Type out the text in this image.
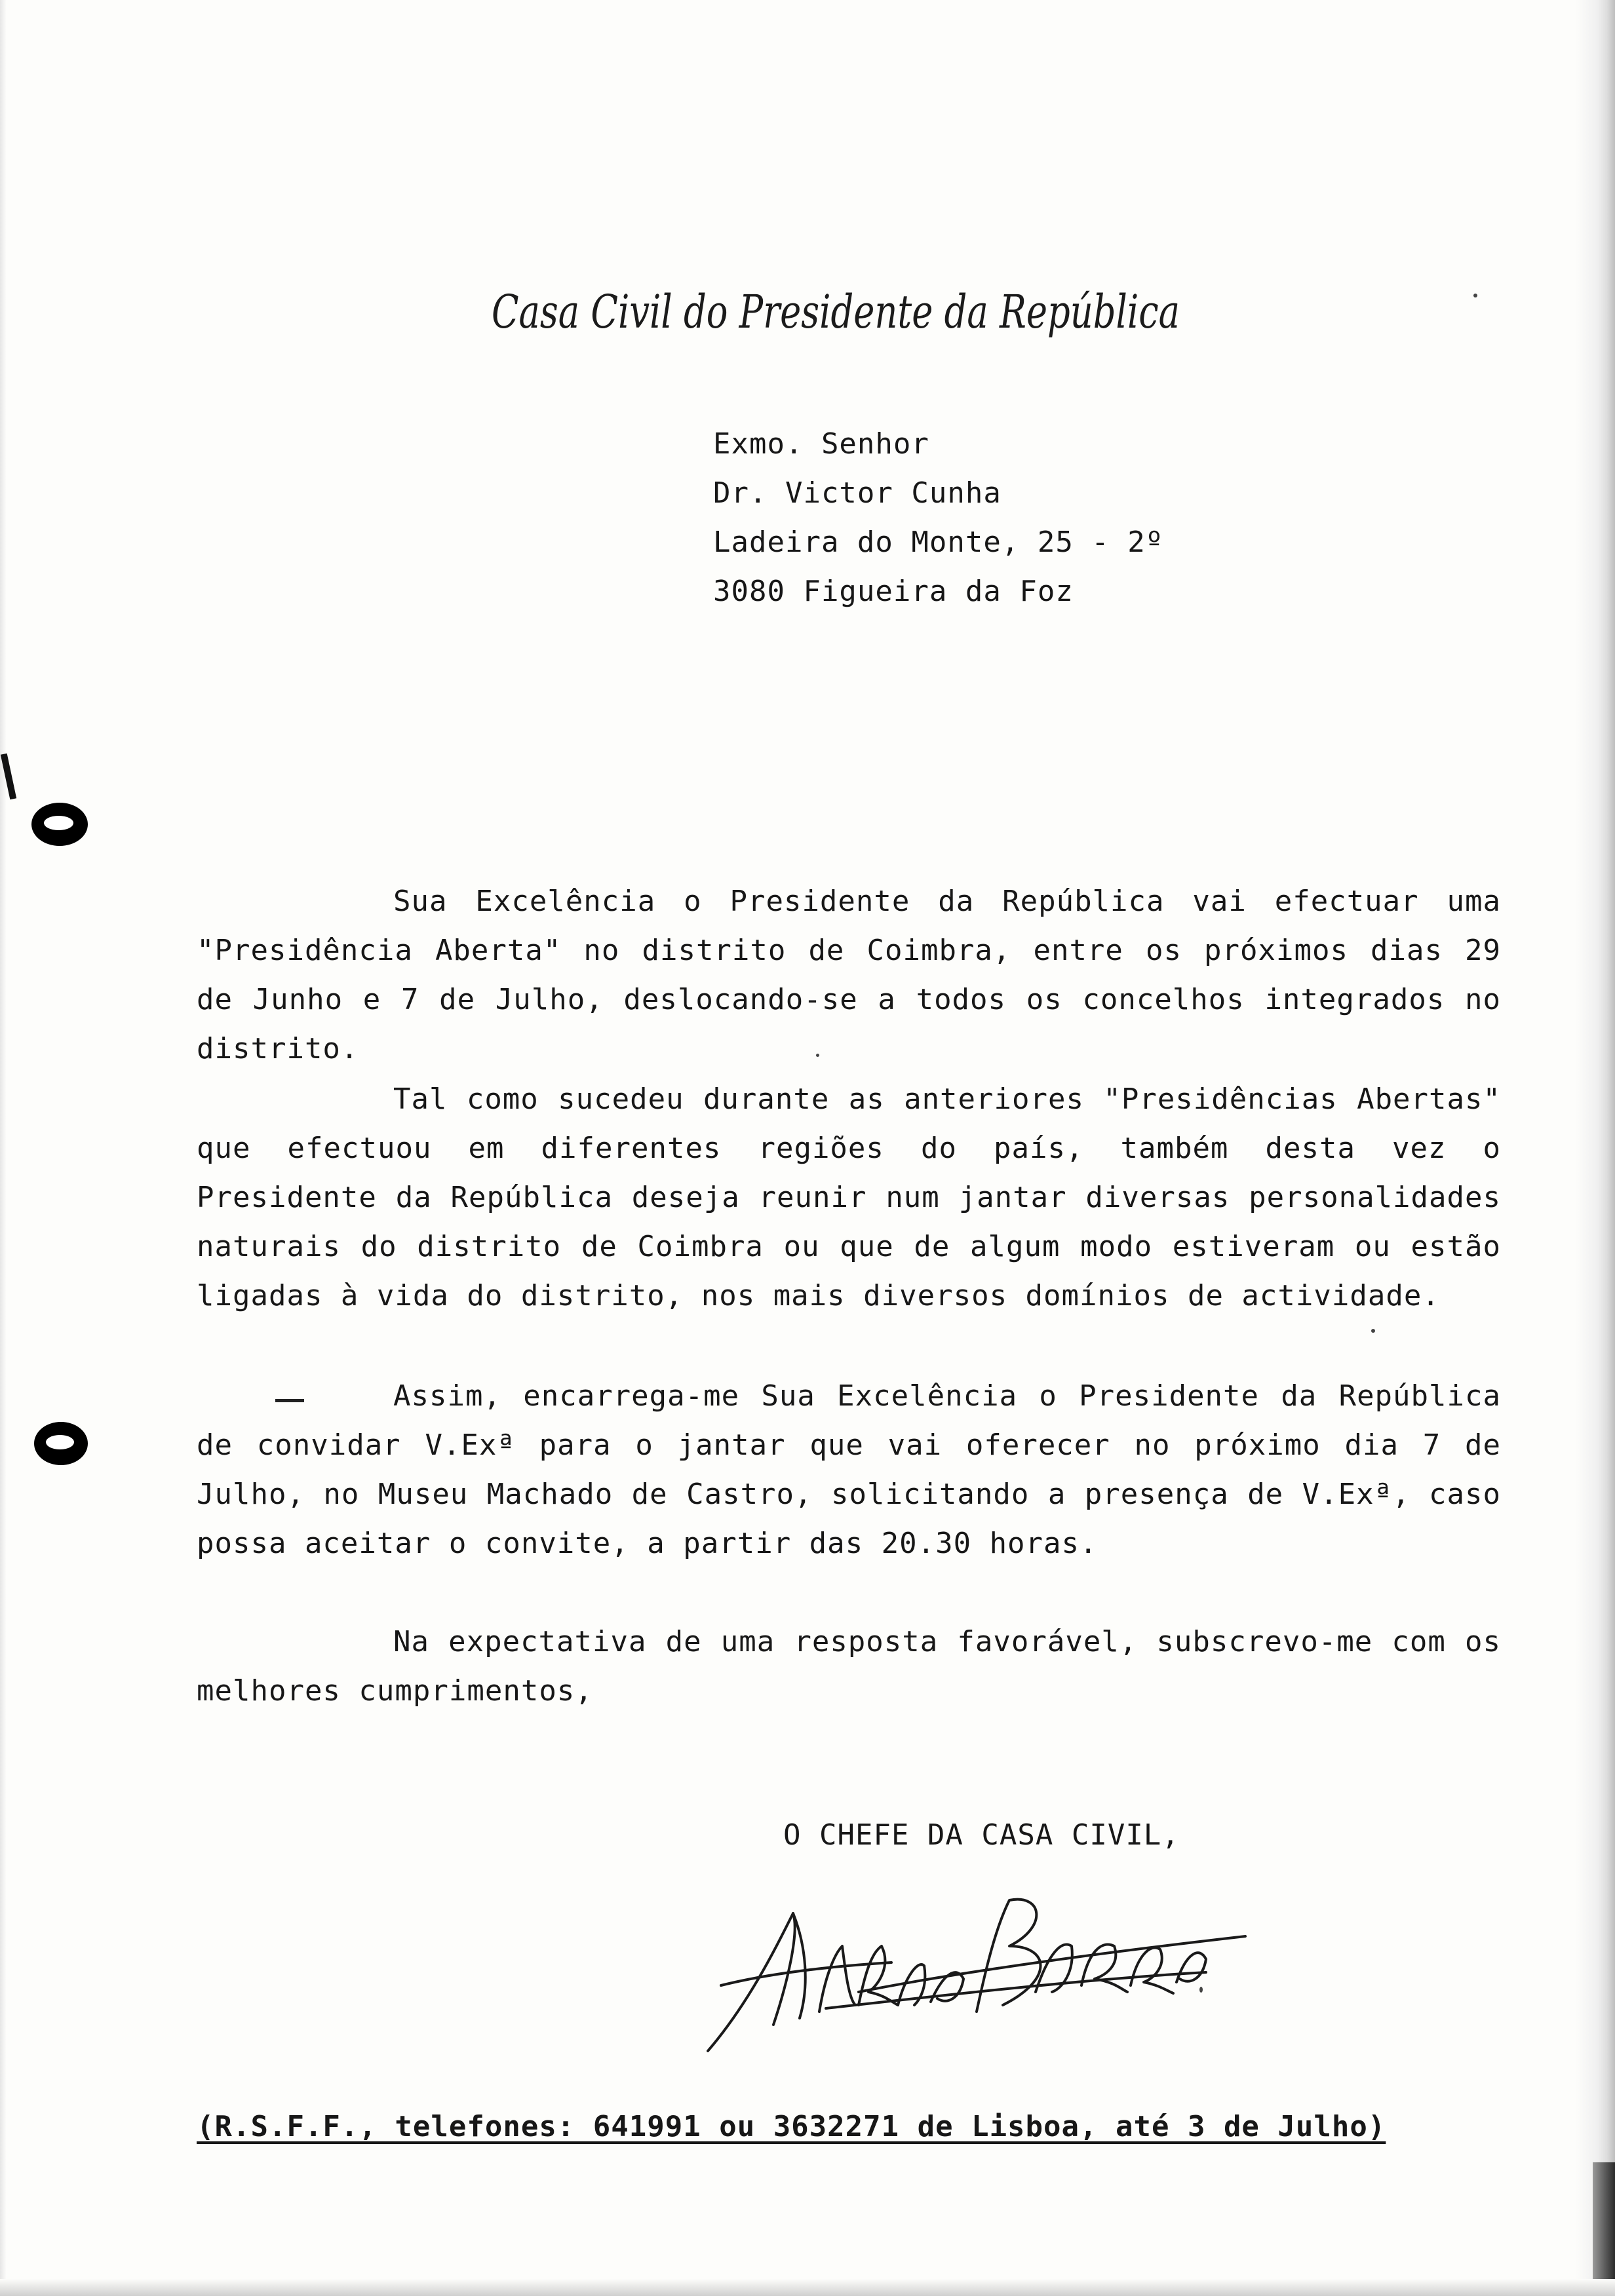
Casa Civil do Presidente da República
Exmo. Senhor
Dr. Victor Cunha
Ladeira do Monte, 25 - 2º
3080 Figueira da Foz
Sua Excelência o Presidente da República vai efectuar uma "Presidência Aberta" no distrito de Coimbra, entre os próximos dias 29 de Junho e 7 de Julho, deslocando-se a todos os concelhos integrados no distrito.
Tal como sucedeu durante as anteriores "Presidências Abertas" que efectuou em diferentes regiões do país, também desta vez o Presidente da República deseja reunir num jantar diversas personalidades naturais do distrito de Coimbra ou que de algum modo estiveram ou estão ligadas à vida do distrito, nos mais diversos domínios de actividade.
Assim, encarrega-me Sua Excelência o Presidente da República de convidar V.Exª para o jantar que vai oferecer no próximo dia 7 de Julho, no Museu Machado de Castro, solicitando a presença de V.Exª, caso possa aceitar o convite, a partir das 20.30 horas.
Na expectativa de uma resposta favorável, subscrevo-me com os melhores cumprimentos,
O CHEFE DA CASA CIVIL,
(R.S.F.F., telefones: 641991 ou 3632271 de Lisboa, até 3 de Julho)
